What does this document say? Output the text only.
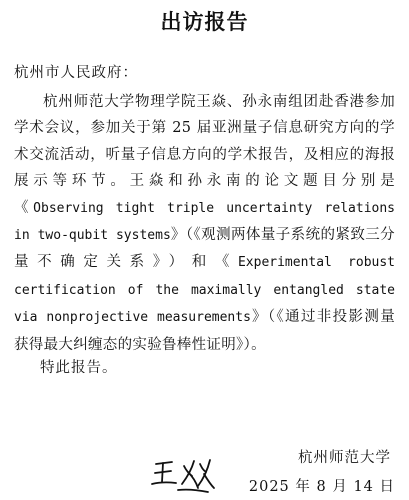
出访报告
杭州市人民政府：
杭州师范大学物理学院王焱、孙永南组团赴香港参加学术会议，参加关于第 25 届亚洲量子信息研究方向的学术交流活动，听量子信息方向的学术报告，及相应的海报展示等环节。王焱和孙永南的论文题目分别是《Observing tight triple uncertainty relations in two-qubit systems》（《观测两体量子系统的紧致三分量不确定关系》）和《Experimental robust certification of the maximally entangled state via nonprojective measurements》（《通过非投影测量获得最大纠缠态的实验鲁棒性证明》）。
特此报告。
杭州师范大学
2025 年 8 月 14 日
